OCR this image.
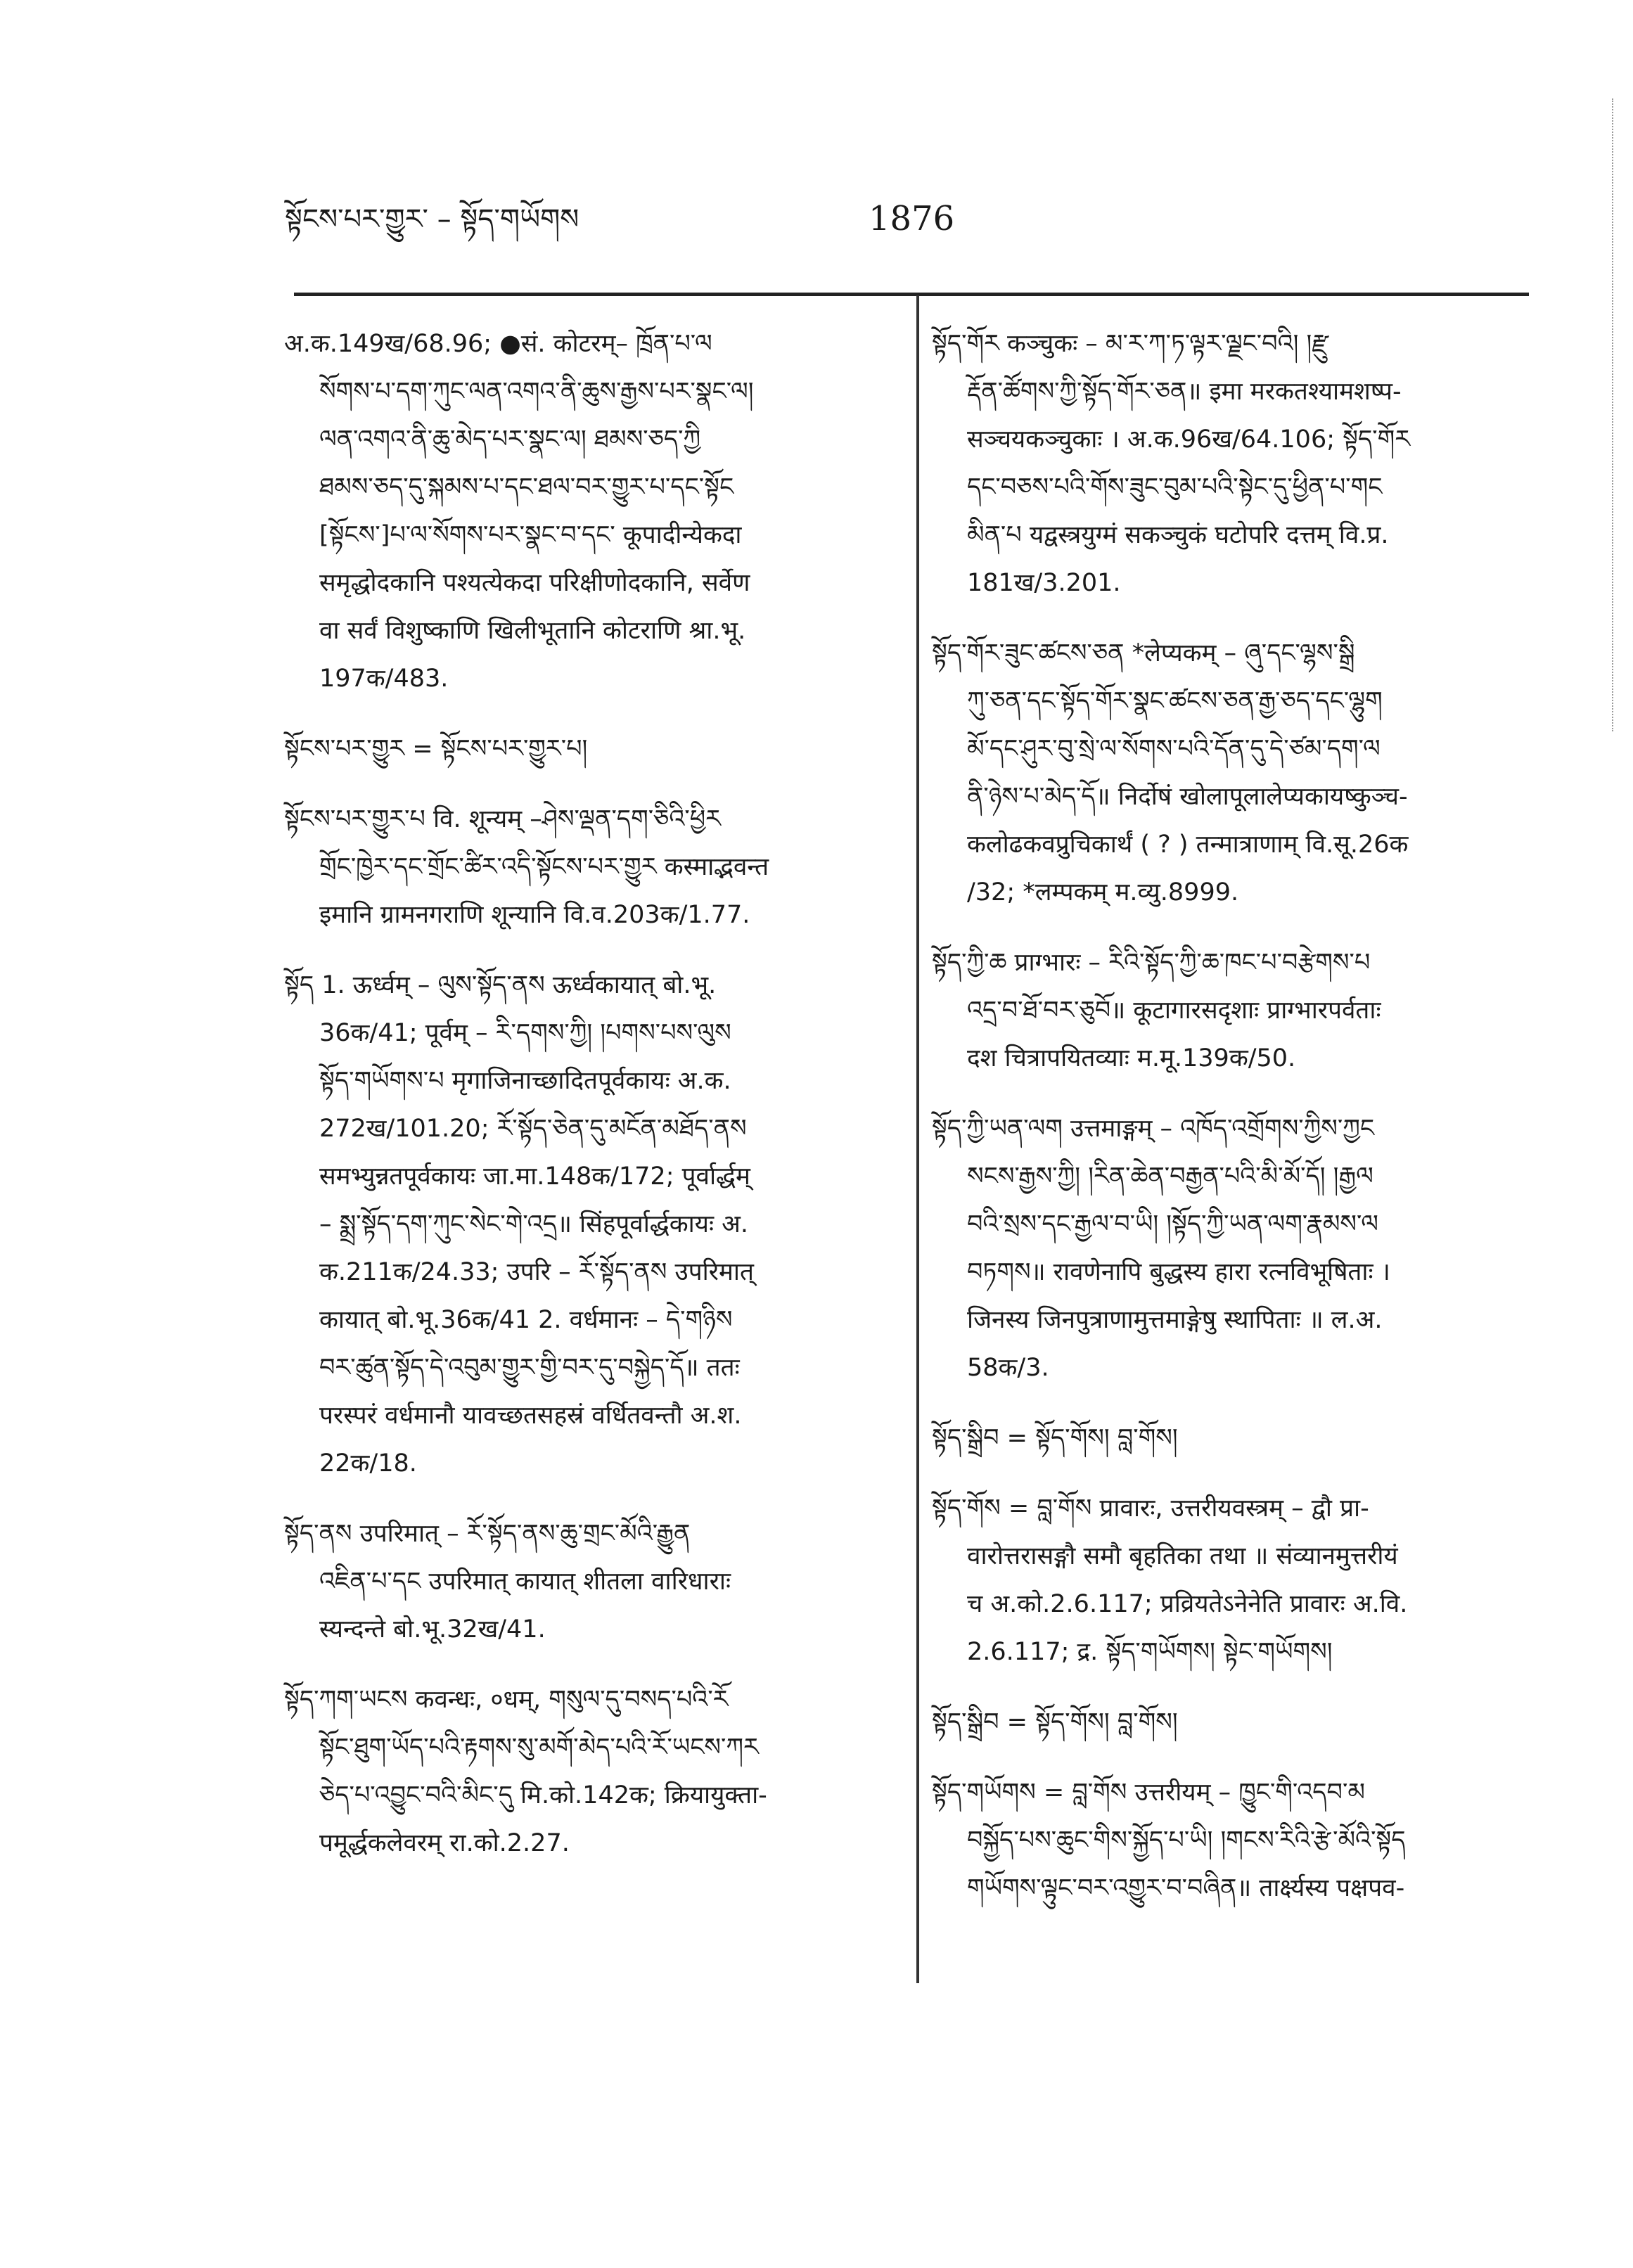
སྟོངས་པར་གྱུར་ – སྟོད་གཡོགས	1876
अ.क.149ख/68.96; ●सं. कोटरम्– ཁྲོན་པ་ལ
སོགས་པ་དག་ཀུང་ལན་འགའ་ནི་ཆུས་རྒྱས་པར་སྣང་ལ།
ལན་འགའ་ནི་ཆུ་མེད་པར་སྣང་ལ། ཐམས་ཅད་ཀྱི
ཐམས་ཅད་དུ་སྐམས་པ་དང་ཐལ་བར་གྱུར་པ་དང་སྟོང
[སྟོངས་]པ་ལ་སོགས་པར་སྣང་བ་དང་ कूपादीन्येकदा
समृद्धोदकानि पश्यत्येकदा परिक्षीणोदकानि, सर्वेण
वा सर्वं विशुष्काणि खिलीभूतानि कोटराणि श्रा.भू.
197क/483.
སྟོངས་པར་གྱུར = སྟོངས་པར་གྱུར་པ།
སྟོངས་པར་གྱུར་པ वि. शून्यम् –ཤེས་ལྡན་དག་ཅིའི་ཕྱིར
གྲོང་ཁྱེར་དང་གྲོང་ཚིར་འདི་སྟོངས་པར་གྱུར कस्माद्भवन्त
इमानि ग्रामनगराणि शून्यानि वि.व.203क/1.77.
སྟོད 1. ऊर्ध्वम् – ལུས་སྟོད་ནས ऊर्ध्वकायात् बो.भू.
36क/41; पूर्वम् – རི་དགས་ཀྱི། །པགས་པས་ལུས
སྟོད་གཡོགས་པ मृगाजिनाच्छादितपूर्वकायः अ.क.
272ख/101.20; རོ་སྟོད་ཅེན་དུ་མངོན་མཐོད་ནས
समभ्युन्नतपूर्वकायः जा.मा.148क/172; पूर्वार्द्धम्
– སྨྲ་སྟོད་དག་ཀུང་སེང་གེ་འདྲ॥ सिंहपूर्वार्द्धकायः अ.
क.211क/24.33; उपरि – རོ་སྟོད་ནས उपरिमात्
कायात् बो.भू.36क/41 2. वर्धमानः – དེ་གཉིས
བར་ཚུན་སྟོད་དེ་འབུམ་གྱུར་གྱི་བར་དུ་བསྐྱེད་དོ॥ ततः
परस्परं वर्धमानौ यावच्छतसहस्रं वर्धितवन्तौ अ.श.
22क/18.
སྟོད་ནས उपरिमात् – རོ་སྟོད་ནས་ཆུ་གྲང་མོའི་རྒྱུན
འཇིན་པ་དང उपरिमात् कायात् शीतला वारिधाराः
स्यन्दन्ते बो.भू.32ख/41.
སྟོད་ཀག་ཡངས कवन्धः, ०धम्, གསུལ་དུ་བསད་པའི་རོ
སྟོང་ཐུག་ཡོད་པའི་རྟགས་སུ་མགོ་མེད་པའི་རོ་ཡངས་ཀར
ཅེད་པ་འབྱུང་བའི་མིང་དུ मि.को.142क; क्रियायुक्ता-
पमूर्द्धकलेवरम् रा.को.2.27.
སྟོད་གོར कञ्चुकः – མ་ར་ཀ་ཏ་ལྟར་ལྗང་བའི། །རྫུ
རྡོན་ཚོགས་ཀྱི་སྟོད་གོར་ཅན॥ इमा मरकतश्यामशष्प-
सञ्चयकञ्चुकाः । अ.क.96ख/64.106; སྟོད་གོར
དང་བཅས་པའི་གོས་ཟུང་བུམ་པའི་སྟེང་དུ་ཕྱིན་པ་གང
མིན་པ यद्वस्त्रयुग्मं सकञ्चुकं घटोपरि दत्तम् वि.प्र.
181ख/3.201.
སྟོད་གོར་ཟུང་ཚངས་ཅན *लेप्यकम् – ཞུ་དང་ལྷས་སྒྲི
ཀུ་ཅན་དང་སྟོད་གོར་སྣང་ཚངས་ཅན་རྒྱ་ཅད་དང་ལྷུག
མོ་དང་ཤུར་བུ་སྲེ་ལ་སོགས་པའི་དོན་དུ་དེ་ཙམ་དག་ལ
ནི་ཉེས་པ་མེད་དོ॥ निर्दोषं खोलापूलालेप्यकायष्कुञ्च-
कलोढकवप्रुचिकार्थं ( ? ) तन्मात्राणाम् वि.सू.26क
/32; *लम्पकम् म.व्यु.8999.
སྟོད་ཀྱི་ཆ प्राग्भारः – རིའི་སྟོད་ཀྱི་ཆ་ཁང་པ་བརྩེགས་པ
འདྲ་བ་ཐོ་བར་ཅུབོ॥ कूटागारसदृशाः प्राग्भारपर्वताः
दश चित्रापयितव्याः म.मू.139क/50.
སྟོད་ཀྱི་ཡན་ལག उत्तमाङ्गम् – འཁོད་འགྲོགས་ཀྱིས་ཀྱང
སངས་རྒྱས་ཀྱི། །རིན་ཆེན་བརྒྱན་པའི་མི་མོ་དོ། །རྒྱལ
བའི་སྲས་དང་རྒྱལ་བ་ཡི། །སྟོད་ཀྱི་ཡན་ལག་རྣམས་ལ
བཏགས॥ रावणेनापि बुद्धस्य हारा रत्नविभूषिताः ।
जिनस्य जिनपुत्राणामुत्तमाङ्गेषु स्थापिताः ॥ ल.अ.
58क/3.
སྟོད་སྒྲིབ = སྟོད་གོས། བླ་གོས།
སྟོད་གོས = བླ་གོས प्रावारः, उत्तरीयवस्त्रम् – द्वौ प्रा-
वारोत्तरासङ्गौ समौ बृहतिका तथा ॥ संव्यानमुत्तरीयं
च अ.को.2.6.117; प्रव्रियतेऽनेनेति प्रावारः अ.वि.
2.6.117; द्र. སྟོད་གཡོགས། སྟེང་གཡོགས།
སྟོད་སྒྲིབ = སྟོད་གོས། བླ་གོས།
སྟོད་གཡོགས = བླ་གོས उत्तरीयम् – ཁྱུང་གི་འདབ་མ
བསྐྱོད་པས་ཆུང་གིས་སྐྱོད་པ་ཡི། །གངས་རིའི་རྩེ་མོའི་སྟོད
གཡོགས་ལྟུང་བར་འགྱུར་བ་བཞིན॥ तार्क्ष्यस्य पक्षपव-
